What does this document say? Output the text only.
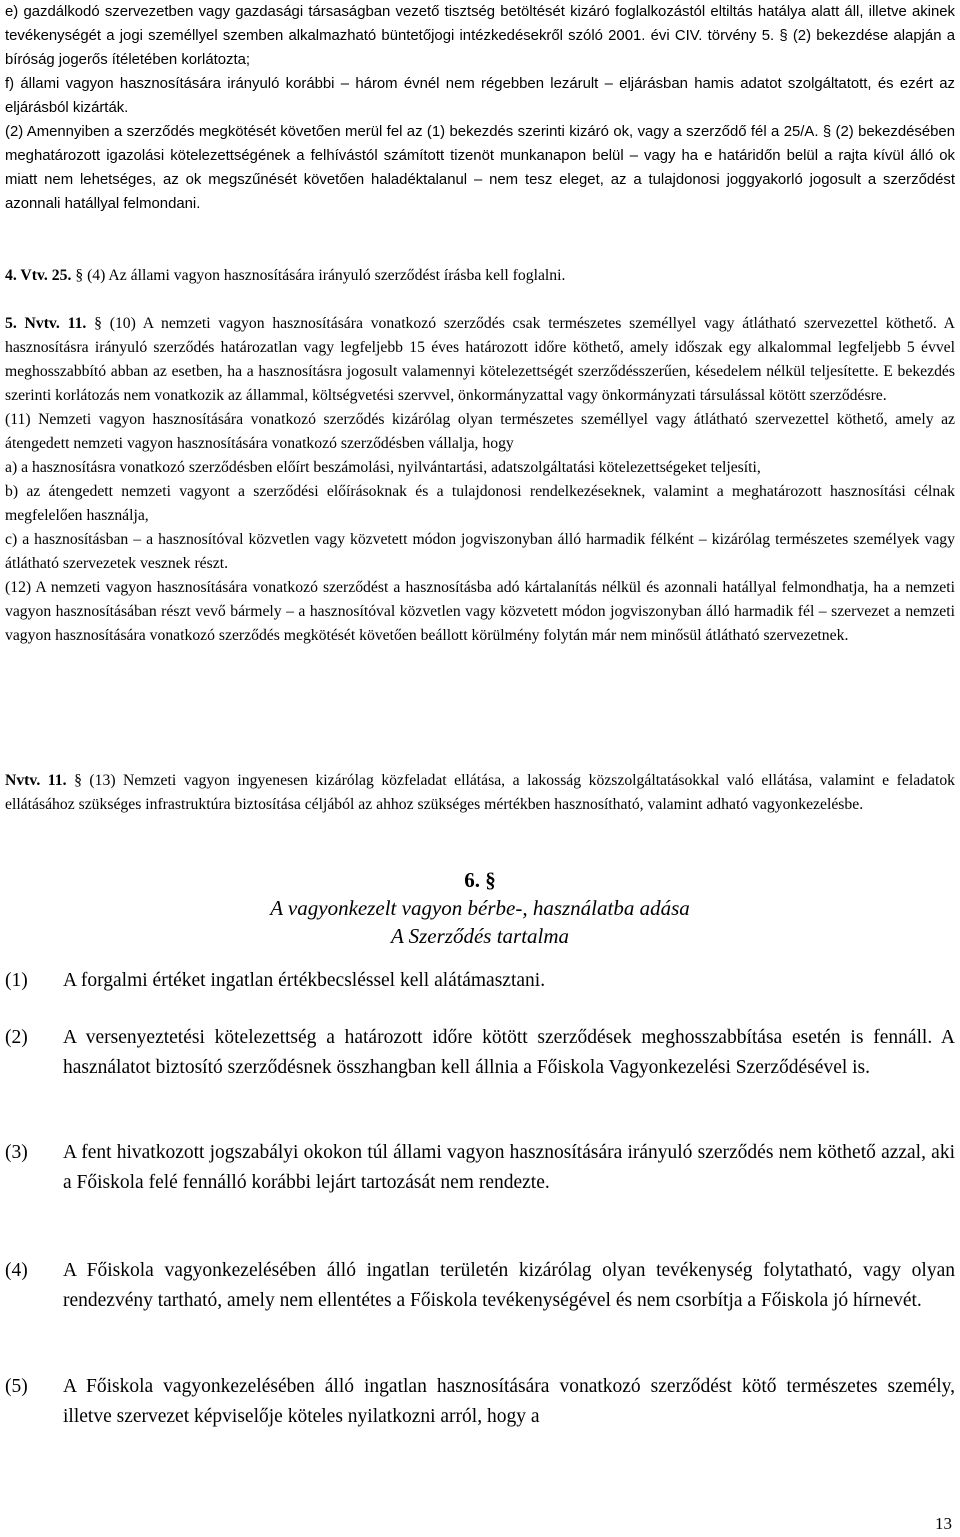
e) gazdálkodó szervezetben vagy gazdasági társaságban vezető tisztség betöltését kizáró foglalkozástól eltiltás hatálya alatt áll, illetve akinek tevékenységét a jogi személlyel szemben alkalmazható büntetőjogi intézkedésekről szóló 2001. évi CIV. törvény 5. § (2) bekezdése alapján a bíróság jogerős ítéletében korlátozta;

f) állami vagyon hasznosítására irányuló korábbi – három évnél nem régebben lezárult – eljárásban hamis adatot szolgáltatott, és ezért az eljárásból kizárták.

(2) Amennyiben a szerződés megkötését követően merül fel az (1) bekezdés szerinti kizáró ok, vagy a szerződő fél a 25/A. § (2) bekezdésében meghatározott igazolási kötelezettségének a felhívástól számított tizenöt munkanapon belül – vagy ha e határidőn belül a rajta kívül álló ok miatt nem lehetséges, az ok megszűnését követően haladéktalanul – nem tesz eleget, az a tulajdonosi joggyakorló jogosult a szerződést azonnali hatállyal felmondani.

4. Vtv. 25. § (4) Az állami vagyon hasznosítására irányuló szerződést írásba kell foglalni.

5. Nvtv. 11. § (10) A nemzeti vagyon hasznosítására vonatkozó szerződés csak természetes személlyel vagy átlátható szervezettel köthető. A hasznosításra irányuló szerződés határozatlan vagy legfeljebb 15 éves határozott időre köthető, amely időszak egy alkalommal legfeljebb 5 évvel meghosszabbító abban az esetben, ha a hasznosításra jogosult valamennyi kötelezettségét szerződésszerűen, késedelem nélkül teljesítette. E bekezdés szerinti korlátozás nem vonatkozik az állammal, költségvetési szervvel, önkormányzattal vagy önkormányzati társulással kötött szerződésre.

(11) Nemzeti vagyon hasznosítására vonatkozó szerződés kizárólag olyan természetes személlyel vagy átlátható szervezettel köthető, amely az átengedett nemzeti vagyon hasznosítására vonatkozó szerződésben vállalja, hogy

a) a hasznosításra vonatkozó szerződésben előírt beszámolási, nyilvántartási, adatszolgáltatási kötelezettségeket teljesíti,

b) az átengedett nemzeti vagyont a szerződési előírásoknak és a tulajdonosi rendelkezéseknek, valamint a meghatározott hasznosítási célnak megfelelően használja,

c) a hasznosításban – a hasznosítóval közvetlen vagy közvetett módon jogviszonyban álló harmadik félként – kizárólag természetes személyek vagy átlátható szervezetek vesznek részt.

(12) A nemzeti vagyon hasznosítására vonatkozó szerződést a hasznosításba adó kártalanítás nélkül és azonnali hatállyal felmondhatja, ha a nemzeti vagyon hasznosításában részt vevő bármely – a hasznosítóval közvetlen vagy közvetett módon jogviszonyban álló harmadik fél – szervezet a nemzeti vagyon hasznosítására vonatkozó szerződés megkötését követően beállott körülmény folytán már nem minősül átlátható szervezetnek.

Nvtv. 11. § (13) Nemzeti vagyon ingyenesen kizárólag közfeladat ellátása, a lakosság közszolgáltatásokkal való ellátása, valamint e feladatok ellátásához szükséges infrastruktúra biztosítása céljából az ahhoz szükséges mértékben hasznosítható, valamint adható vagyonkezelésbe.

6. §
A vagyonkezelt vagyon bérbe-, használatba adása
A Szerződés tartalma
(1)	A forgalmi értéket ingatlan értékbecsléssel kell alátámasztani.
(2)	A versenyeztetési kötelezettség a határozott időre kötött szerződések meghosszabbítása esetén is fennáll. A használatot biztosító szerződésnek összhangban kell állnia a Főiskola Vagyonkezelési Szerződésével is.
(3)	A fent hivatkozott jogszabályi okokon túl állami vagyon hasznosítására irányuló szerződés nem köthető azzal, aki a Főiskola felé fennálló korábbi lejárt tartozását nem rendezte.
(4)	A Főiskola vagyonkezelésében álló ingatlan területén kizárólag olyan tevékenység folytatható, vagy olyan rendezvény tartható, amely nem ellentétes a Főiskola tevékenységével és nem csorbítja a Főiskola jó hírnevét.
(5)	A Főiskola vagyonkezelésében álló ingatlan hasznosítására vonatkozó szerződést kötő természetes személy, illetve szervezet képviselője köteles nyilatkozni arról, hogy a
13
